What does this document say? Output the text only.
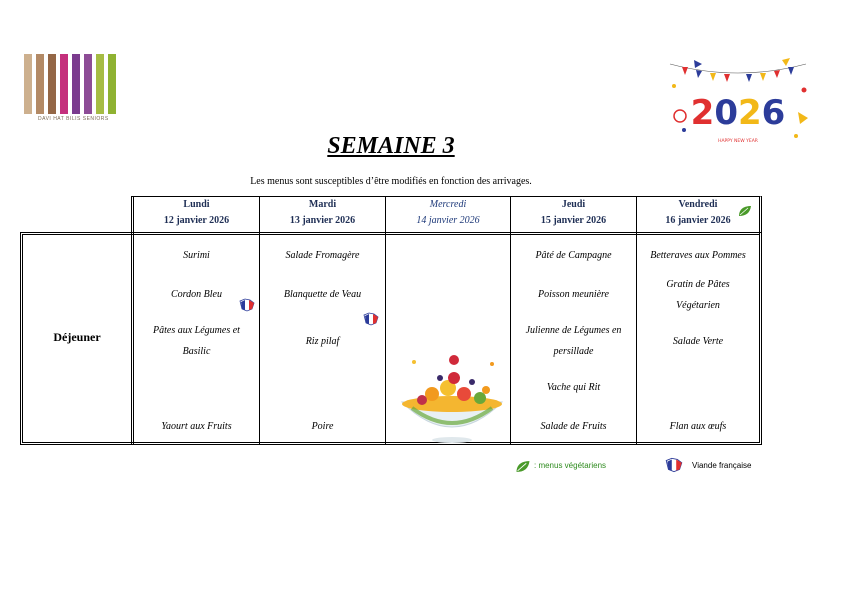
DAVI HAT BILIS SENIORS	2026
HAPPY NEW YEAR
SEMAINE 3
Les menus sont susceptibles d’être modifiés en fonction des arrivages.
Lundi
12 janvier 2026
Mardi
13 janvier 2026
Mercredi
14 janvier 2026
Jeudi
15 janvier 2026
Vendredi
16 janvier 2026
Déjeuner
Surimi
Cordon Bleu
Pâtes aux Légumes et Basilic
Yaourt aux Fruits
Salade Fromagère
Blanquette de Veau
Riz pilaf
Poire
Pâté de Campagne
Poisson meunière
Julienne de Légumes en persillade
Vache qui Rit
Salade de Fruits
Betteraves aux Pommes
Gratin de Pâtes Végétarien
Salade Verte
Flan aux œufs
: menus végétariens	Viande française
